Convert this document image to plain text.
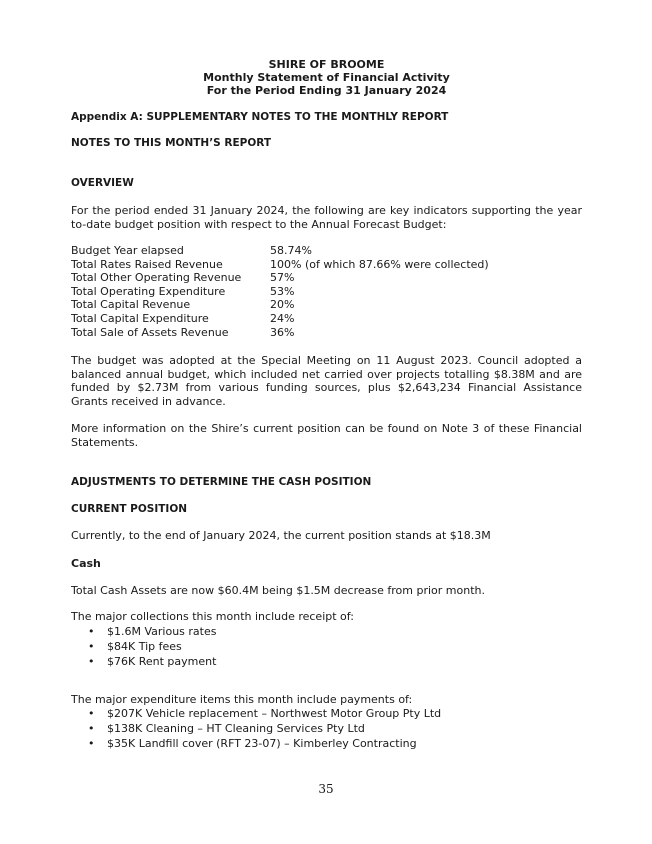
SHIRE OF BROOME
Monthly Statement of Financial Activity
For the Period Ending 31 January 2024
Appendix A: SUPPLEMENTARY NOTES TO THE MONTHLY REPORT
NOTES TO THIS MONTH’S REPORT
OVERVIEW

For the period ended 31 January 2024, the following are key indicators supporting the year to-date budget position with respect to the Annual Forecast Budget:

Budget Year elapsed	58.74%
Total Rates Raised Revenue	100% (of which 87.66% were collected)
Total Other Operating Revenue	57%
Total Operating Expenditure	53%
Total Capital Revenue	20%
Total Capital Expenditure	24%
Total Sale of Assets Revenue	36%

The budget was adopted at the Special Meeting on 11 August 2023. Council adopted a balanced annual budget, which included net carried over projects totalling $8.38M and are funded by $2.73M from various funding sources, plus $2,643,234 Financial Assistance Grants received in advance.

More information on the Shire’s current position can be found on Note 3 of these Financial Statements.

ADJUSTMENTS TO DETERMINE THE CASH POSITION
CURRENT POSITION

Currently, to the end of January 2024, the current position stands at $18.3M

Cash

Total Cash Assets are now $60.4M being $1.5M decrease from prior month.

The major collections this month include receipt of:

• $1.6M Various rates
• $84K Tip fees
• $76K Rent payment

The major expenditure items this month include payments of:

• $207K Vehicle replacement – Northwest Motor Group Pty Ltd
• $138K Cleaning – HT Cleaning Services Pty Ltd
• $35K Landfill cover (RFT 23-07) – Kimberley Contracting
35
